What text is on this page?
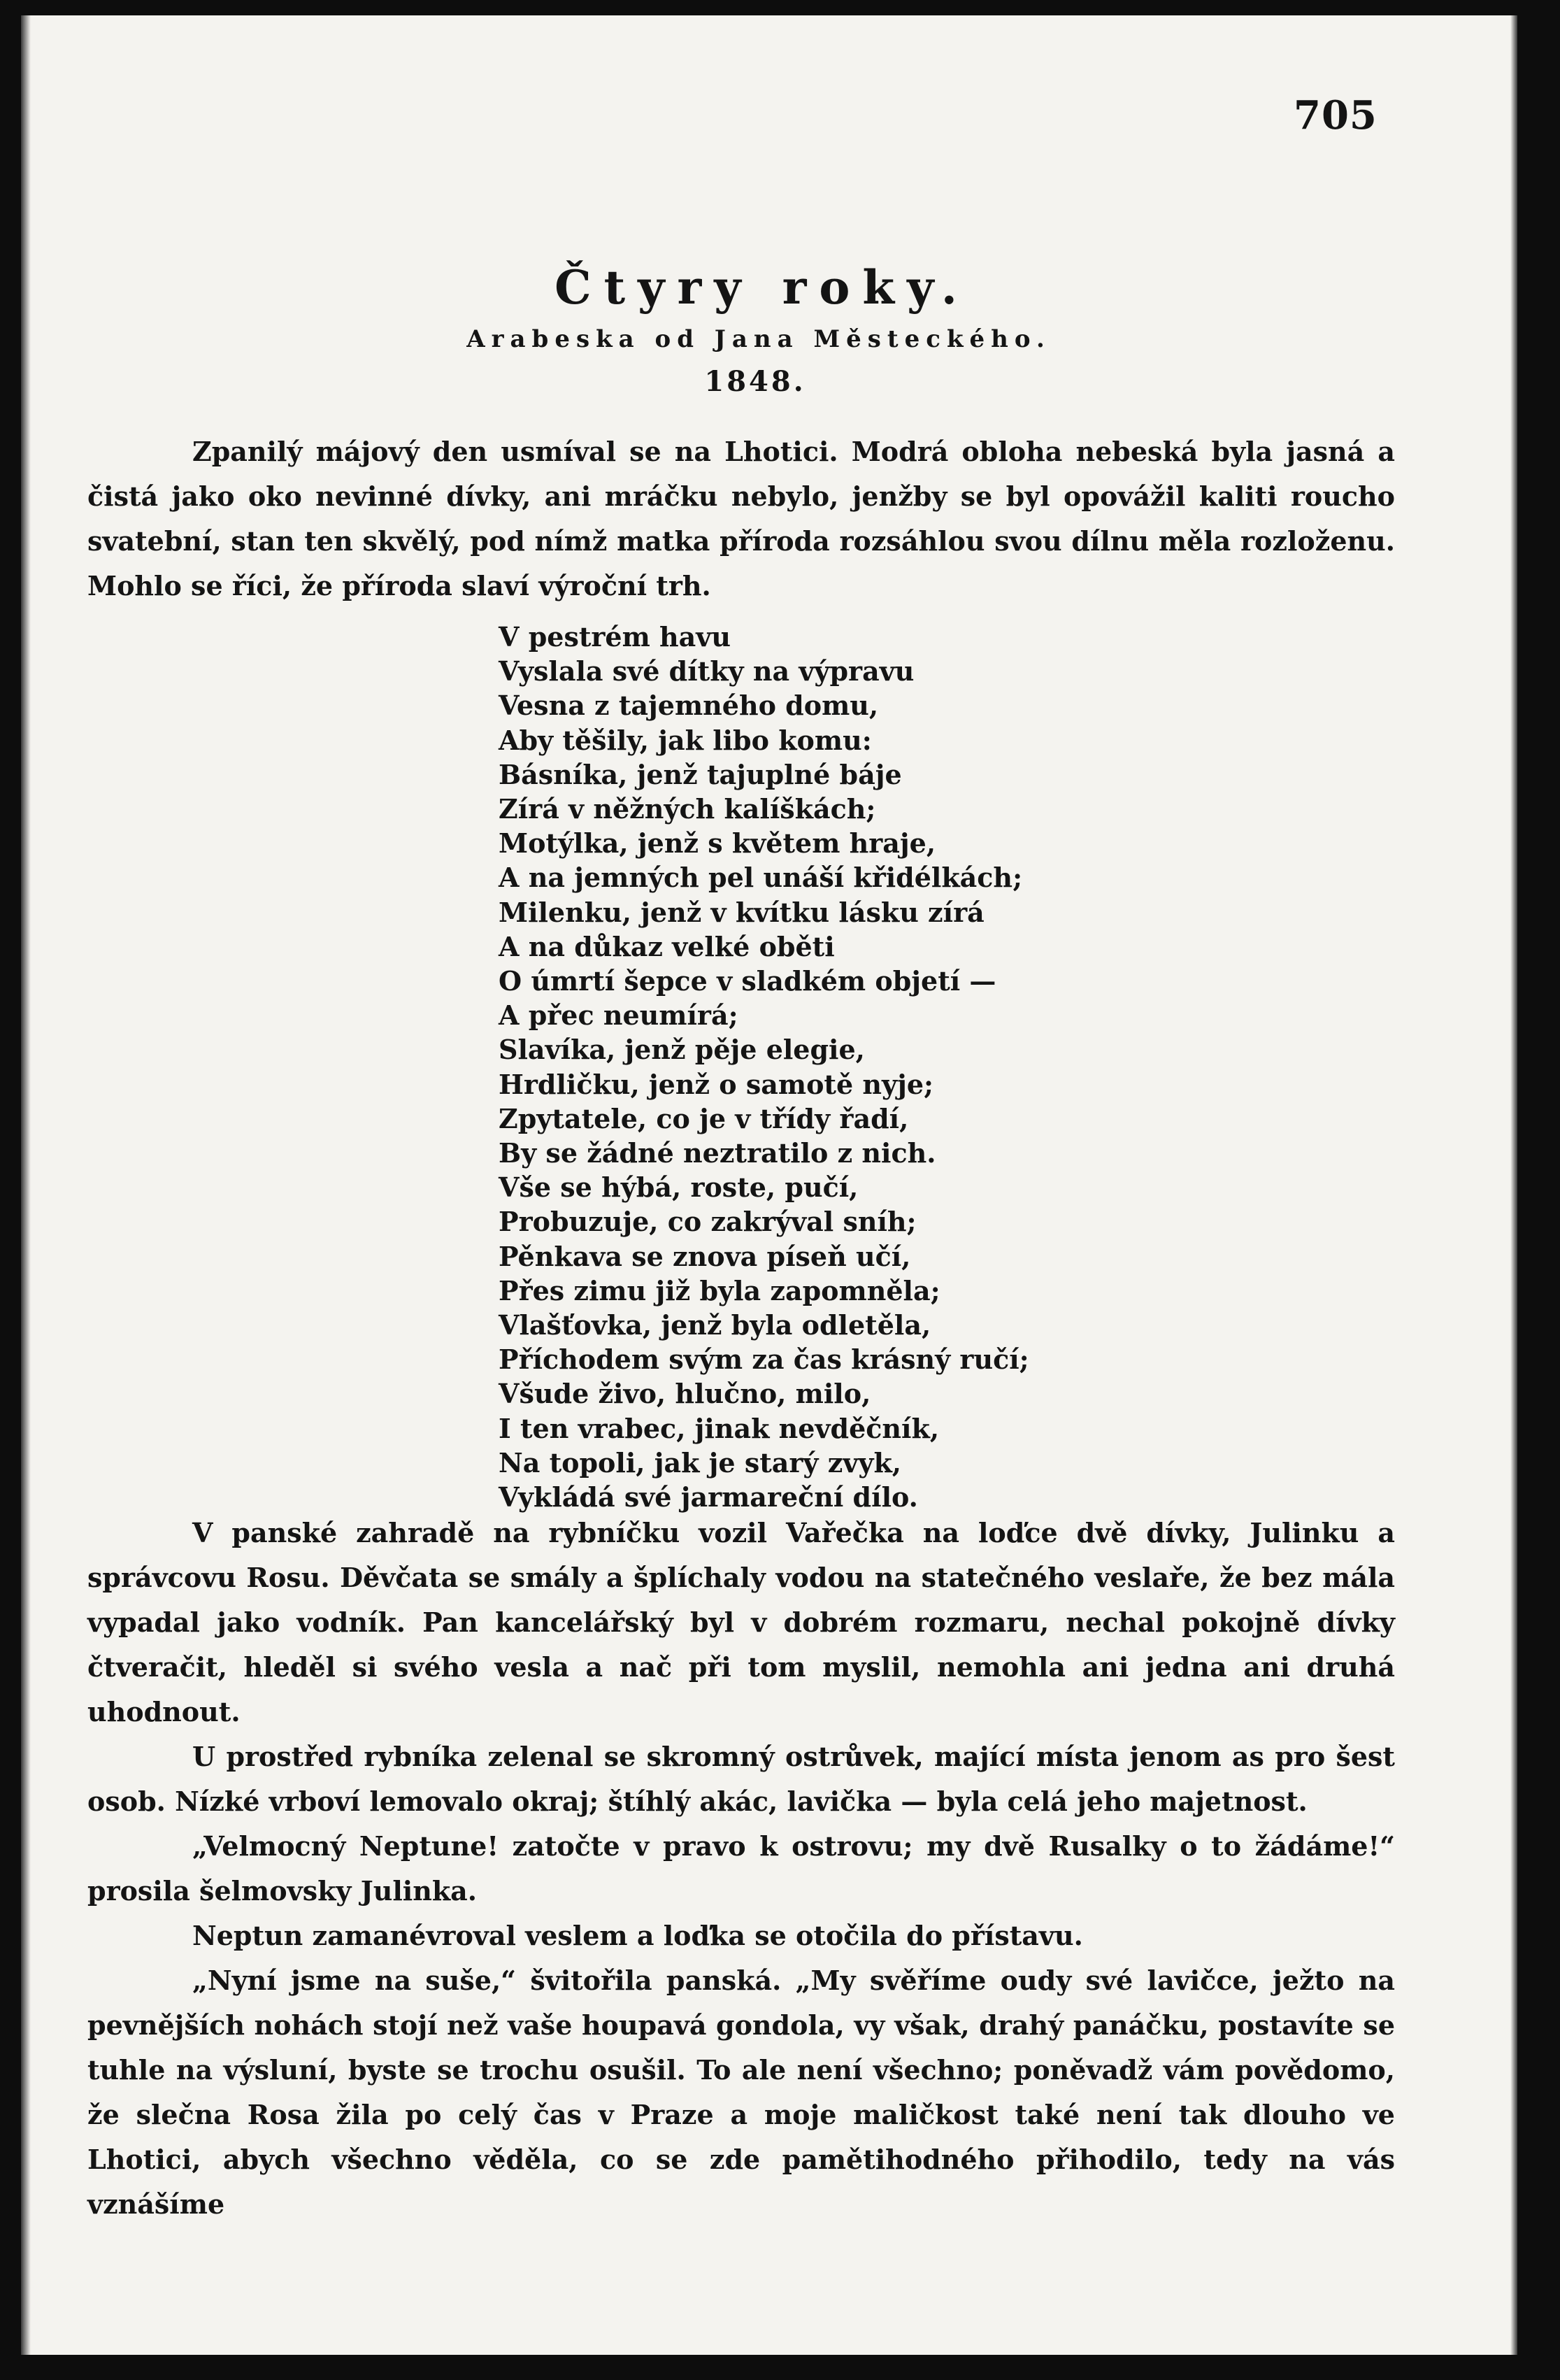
705
Čtyry roky.
Arabeska od Jana Městeckého.
1848.

Zpanilý májový den usmíval se na Lhotici. Modrá obloha nebeská byla jasná a čistá jako oko nevinné dívky, ani mráčku nebylo, jenžby se byl opovážil kaliti roucho svatební, stan ten skvělý, pod nímž matka příroda rozsáhlou svou dílnu měla rozloženu. Mohlo se říci, že příroda slaví výroční trh.

V pestrém havu
Vyslala své dítky na výpravu
Vesna z tajemného domu,
Aby těšily, jak libo komu:
Básníka, jenž tajuplné báje
Zírá v něžných kalíškách;
Motýlka, jenž s květem hraje,
A na jemných pel unáší křidélkách;
Milenku, jenž v kvítku lásku zírá
A na důkaz velké oběti
O úmrtí šepce v sladkém objetí —
A přec neumírá;
Slavíka, jenž pěje elegie,
Hrdličku, jenž o samotě nyje;
Zpytatele, co je v třídy řadí,
By se žádné neztratilo z nich.
Vše se hýbá, roste, pučí,
Probuzuje, co zakrýval sníh;
Pěnkava se znova píseň učí,
Přes zimu již byla zapomněla;
Vlašťovka, jenž byla odletěla,
Příchodem svým za čas krásný ručí;
Všude živo, hlučno, milo,
I ten vrabec, jinak nevděčník,
Na topoli, jak je starý zvyk,
Vykládá své jarmareční dílo.

V panské zahradě na rybníčku vozil Vařečka na loďce dvě dívky, Julinku a správcovu Rosu. Děvčata se smály a šplíchaly vodou na statečného veslaře, že bez mála vypadal jako vodník. Pan kancelářský byl v dobrém rozmaru, nechal pokojně dívky čtveračit, hleděl si svého vesla a nač při tom myslil, nemohla ani jedna ani druhá uhodnout.

U prostřed rybníka zelenal se skromný ostrůvek, mající místa jenom as pro šest osob. Nízké vrboví lemovalo okraj; štíhlý akác, lavička — byla celá jeho majetnost.

„Velmocný Neptune! zatočte v pravo k ostrovu; my dvě Rusalky o to žádáme!“ prosila šelmovsky Julinka.

Neptun zamanévroval veslem a loďka se otočila do přístavu.

„Nyní jsme na suše,“ švitořila panská. „My svěříme oudy své lavičce, ježto na pevnějších nohách stojí než vaše houpavá gondola, vy však, drahý panáčku, postavíte se tuhle na výsluní, byste se trochu osušil. To ale není všechno; poněvadž vám povědomo, že slečna Rosa žila po celý čas v Praze a moje maličkost také není tak dlouho ve Lhotici, abych všechno věděla, co se zde pamětihodného přihodilo, tedy na vás vznášíme
